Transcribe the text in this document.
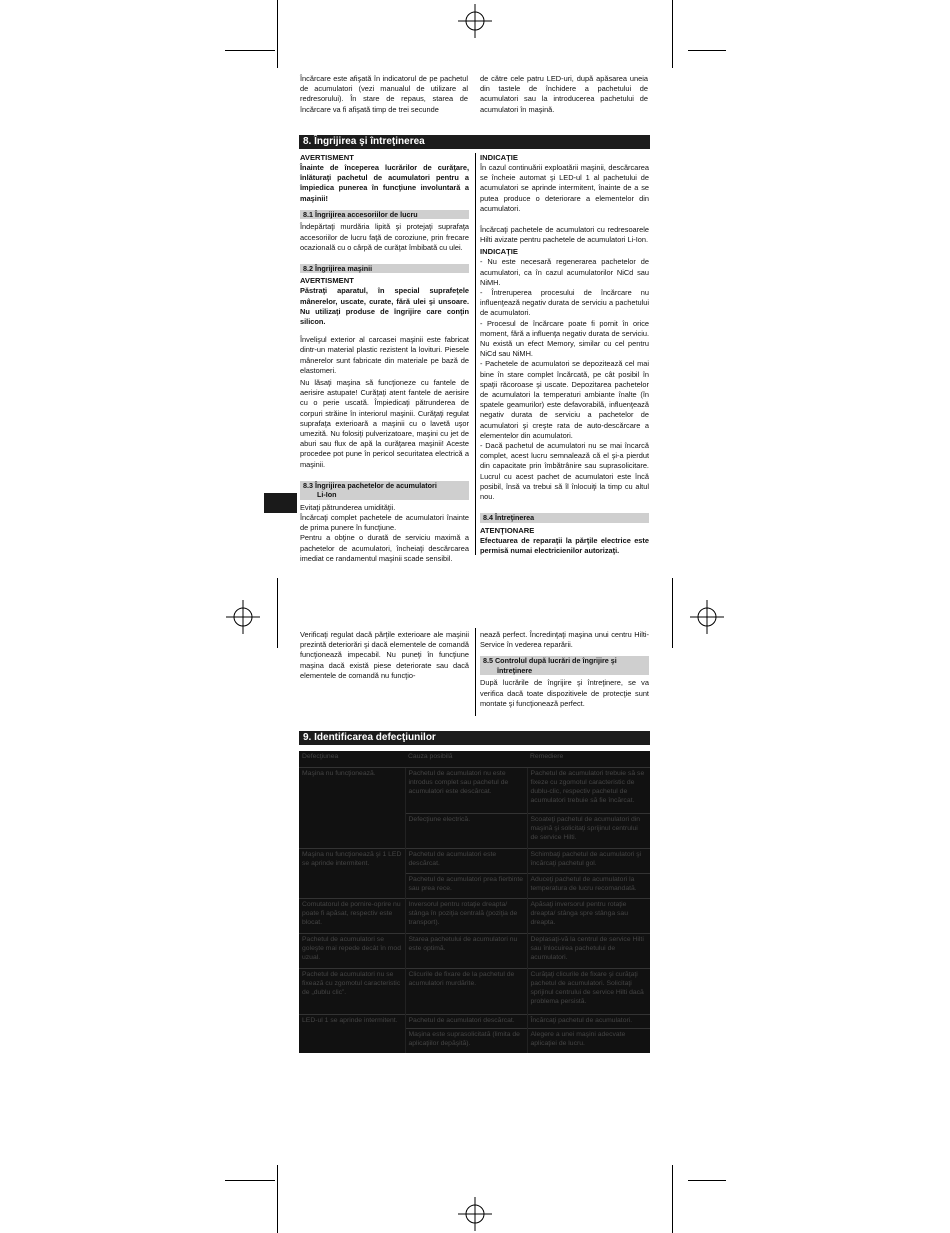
Încărcare este afişată în indicatorul de pe pachetul de acumulatori (vezi manualul de utilizare al redresorului). În stare de repaus, starea de încărcare va fi afişată timp de trei secunde
de către cele patru LED-uri, după apăsarea uneia din tastele de închidere a pachetului de acumulatori sau la introducerea pachetului de acumulatori în maşină.
8. Îngrijirea şi întreţinerea
AVERTISMENT

Înainte de începerea lucrărilor de curăţare, înlăturaţi pachetul de acumulatori pentru a împiedica punerea în funcţiune involuntară a maşinii!

8.1 Îngrijirea accesoriilor de lucru

Îndepărtaţi murdăria lipită şi protejaţi suprafaţa accesoriilor de lucru faţă de coroziune, prin frecare ocazională cu o cârpă de curăţat îmbibată cu ulei.

8.2 Îngrijirea maşinii
AVERTISMENT

Păstraţi aparatul, în special suprafeţele mânerelor, uscate, curate, fără ulei şi unsoare. Nu utilizaţi produse de îngrijire care conţin silicon.

Învelişul exterior al carcasei maşinii este fabricat dintr-un material plastic rezistent la lovituri. Piesele mânerelor sunt fabricate din materiale pe bază de elastomeri.

Nu lăsaţi maşina să funcţioneze cu fantele de aerisire astupate! Curăţaţi atent fantele de aerisire cu o perie uscată. Împiedicaţi pătrunderea de corpuri străine în interiorul maşinii. Curăţaţi regulat suprafaţa exterioară a maşinii cu o lavetă uşor umezită. Nu folosiţi pulverizatoare, maşini cu jet de aburi sau flux de apă la curăţarea maşinii! Aceste procedee pot pune în pericol securitatea electrică a maşinii.

8.3 Îngrijirea pachetelor de acumulatori
Li-Ion

Evitaţi pătrunderea umidităţii.

Încărcaţi complet pachetele de acumulatori înainte de prima punere în funcţiune.

Pentru a obţine o durată de serviciu maximă a pachetelor de acumulatori, încheiaţi descărcarea imediat ce randamentul maşinii scade sensibil.

INDICAŢIE

În cazul continuării exploatării maşinii, descărcarea se încheie automat şi LED-ul 1 al pachetului de acumulatori se aprinde intermitent, înainte de a se putea produce o deteriorare a elementelor din acumulatori.

Încărcaţi pachetele de acumulatori cu redresoarele Hilti avizate pentru pachetele de acumulatori Li-Ion.

INDICAŢIE

- Nu este necesară regenerarea pachetelor de acumulatori, ca în cazul acumulatorilor NiCd sau NiMH.

- Întreruperea procesului de încărcare nu influenţează negativ durata de serviciu a pachetului de acumulatori.

- Procesul de încărcare poate fi pornit în orice moment, fără a influenţa negativ durata de serviciu. Nu există un efect Memory, similar cu cel pentru NiCd sau NiMH.

- Pachetele de acumulatori se depozitează cel mai bine în stare complet încărcată, pe cât posibil în spaţii răcoroase şi uscate. Depozitarea pachetelor de acumulatori la temperaturi ambiante înalte (în spatele geamurilor) este defavorabilă, influenţează negativ durata de serviciu a pachetelor de acumulatori şi creşte rata de auto-descărcare a elementelor din acumulatori.

- Dacă pachetul de acumulatori nu se mai încarcă complet, acest lucru semnalează că el şi-a pierdut din capacitate prin îmbătrânire sau suprasolicitare. Lucrul cu acest pachet de acumulatori este încă posibil, însă va trebui să îl înlocuiţi la timp cu altul nou.

8.4 Întreţinerea
ATENŢIONARE

Efectuarea de reparaţii la părţile electrice este permisă numai electricienilor autorizaţi.

Verificaţi regulat dacă părţile exterioare ale maşinii prezintă deteriorări şi dacă elementele de comandă funcţionează impecabil. Nu puneţi în funcţiune maşina dacă există piese deteriorate sau dacă elementele de comandă nu funcţio-

nează perfect. Încredinţaţi maşina unui centru Hilti-Service în vederea reparării.

8.5 Controlul după lucrări de îngrijire şi
întreţinere

După lucrările de îngrijire şi întreţinere, se va verifica dacă toate dispozitivele de protecţie sunt montate şi funcţionează perfect.

9. Identificarea defecţiunilor
Defecţiunea	Cauza posibilă	Remediere
Maşina nu funcţionează.	Pachetul de acumulatori nu este introdus complet sau pachetul de acumulatori este descărcat.	Pachetul de acumulatori trebuie să se fixeze cu zgomotul caracteristic de dublu-clic, respectiv pachetul de acumulatori trebuie să fie încărcat.
	Defecţiune electrică.	Scoateţi pachetul de acumulatori din maşină şi solicitaţi sprijinul centrului de service Hilti.
Maşina nu funcţionează şi 1 LED se aprinde intermitent.	Pachetul de acumulatori este descărcat.	Schimbaţi pachetul de acumulatori şi încărcaţi pachetul gol.
	Pachetul de acumulatori prea fierbinte sau prea rece.	Aduceţi pachetul de acumulatori la temperatura de lucru recomandată.
Comutatorul de pornire-oprire nu poate fi apăsat, respectiv este blocat.	Inversorul pentru rotaţie dreapta/ stânga în poziţia centrală (poziţia de transport).	Apăsaţi inversorul pentru rotaţie dreapta/ stânga spre stânga sau dreapta.
Pachetul de acumulatori se goleşte mai repede decât în mod uzual.	Starea pachetului de acumulatori nu este optimă.	Deplasaţi-vă la centrul de service Hilti sau înlocuirea pachetului de acumulatori.
Pachetul de acumulatori nu se fixează cu zgomotul caracteristic de „dublu clic”.	Clicurile de fixare de la pachetul de acumulatori murdărite.	Curăţaţi clicurile de fixare şi curăţaţi pachetul de acumulatori. Solicitaţi sprijinul centrului de service Hilti dacă problema persistă.
LED-ul 1 se aprinde intermitent.	Pachetul de acumulatori descărcat.	Încărcaţi pachetul de acumulatori.
	Maşina este suprasolicitată (limita de aplicaţiilor depăşită).	Alegere a unei maşini adecvate aplicaţiei de lucru.
